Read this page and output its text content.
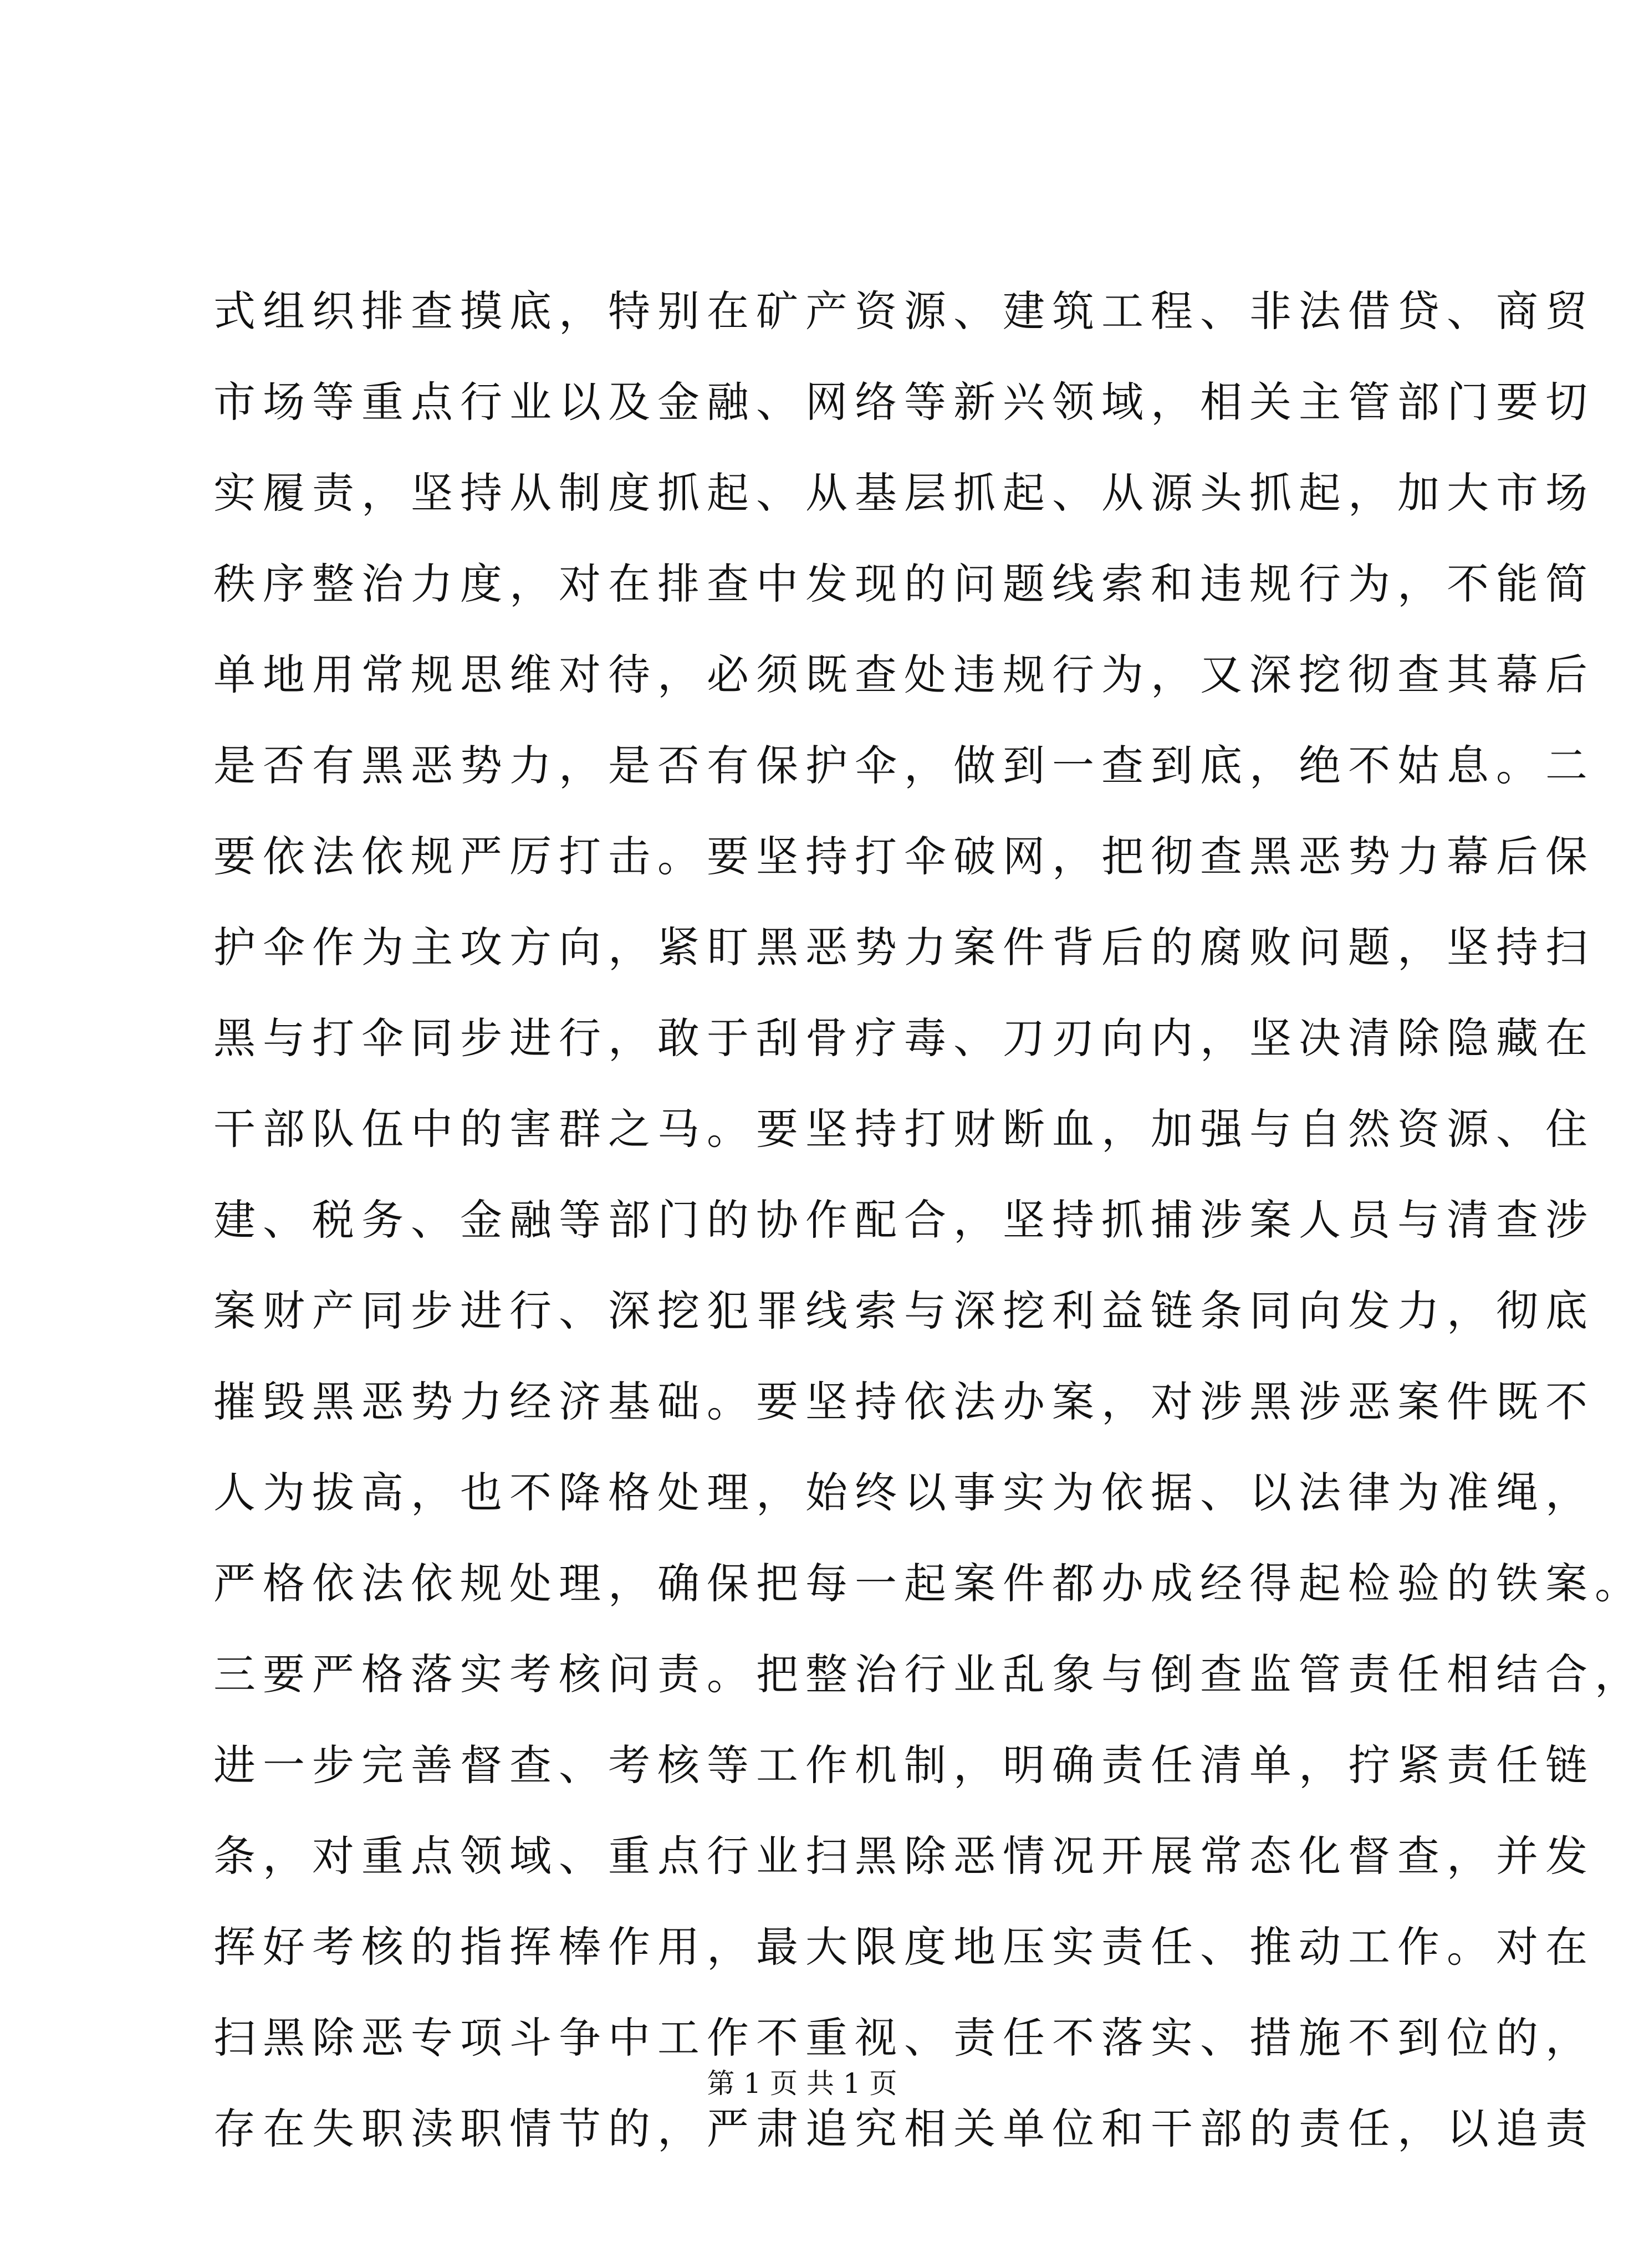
式组织排查摸底，特别在矿产资源、建筑工程、非法借贷、商贸
市场等重点行业以及金融、网络等新兴领域，相关主管部门要切
实履责，坚持从制度抓起、从基层抓起、从源头抓起，加大市场
秩序整治力度，对在排查中发现的问题线索和违规行为，不能简
单地用常规思维对待，必须既查处违规行为，又深挖彻查其幕后
是否有黑恶势力，是否有保护伞，做到一查到底，绝不姑息。二
要依法依规严厉打击。要坚持打伞破网，把彻查黑恶势力幕后保
护伞作为主攻方向，紧盯黑恶势力案件背后的腐败问题，坚持扫
黑与打伞同步进行，敢于刮骨疗毒、刀刃向内，坚决清除隐藏在
干部队伍中的害群之马。要坚持打财断血，加强与自然资源、住
建、税务、金融等部门的协作配合，坚持抓捕涉案人员与清查涉
案财产同步进行、深挖犯罪线索与深挖利益链条同向发力，彻底
摧毁黑恶势力经济基础。要坚持依法办案，对涉黑涉恶案件既不
人为拔高，也不降格处理，始终以事实为依据、以法律为准绳，
严格依法依规处理，确保把每一起案件都办成经得起检验的铁案。
三要严格落实考核问责。把整治行业乱象与倒查监管责任相结合，
进一步完善督查、考核等工作机制，明确责任清单，拧紧责任链
条，对重点领域、重点行业扫黑除恶情况开展常态化督查，并发
挥好考核的指挥棒作用，最大限度地压实责任、推动工作。对在
扫黑除恶专项斗争中工作不重视、责任不落实、措施不到位的，
存在失职渎职情节的，严肃追究相关单位和干部的责任，以追责
第 1 页 共 1 页
